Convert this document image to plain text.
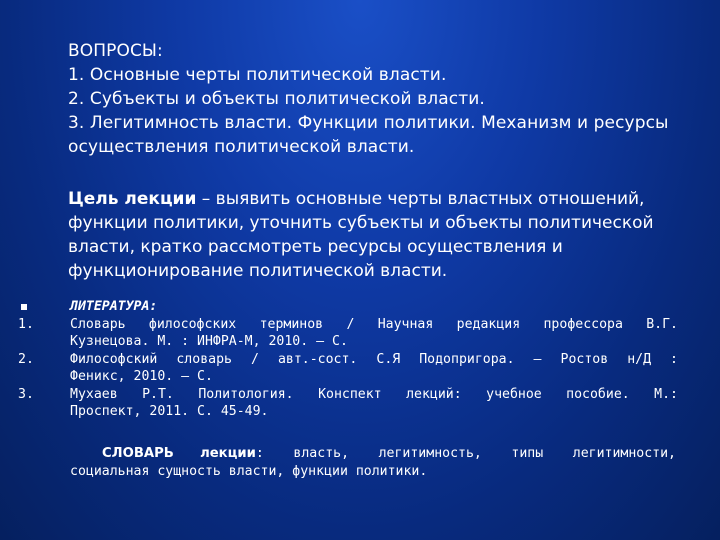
ВОПРОСЫ:
1. Основные черты политической власти.
2. Субъекты и объекты политической власти.
3. Легитимность власти. Функции политики. Механизм и ресурсы
осуществления политической власти.
Цель лекции – выявить основные черты властных отношений,
функции политики, уточнить субъекты и объекты политической
власти, кратко рассмотреть ресурсы осуществления и
функционирование политической власти.
ЛИТЕРАТУРА:
1.	Словарь философских терминов / Научная редакция профессора В.Г.
Кузнецова. М. : ИНФРА-М, 2010. – С.
2.	Философский словарь / авт.-сост. С.Я Подопригора. – Ростов н/Д :
Феникс, 2010. – С.
3.	Мухаев Р.Т. Политология. Конспект лекций: учебное пособие. М.:
Проспект, 2011. С. 45-49.
СЛОВАРЬ лекции: власть, легитимность, типы легитимности,
социальная сущность власти, функции политики.
